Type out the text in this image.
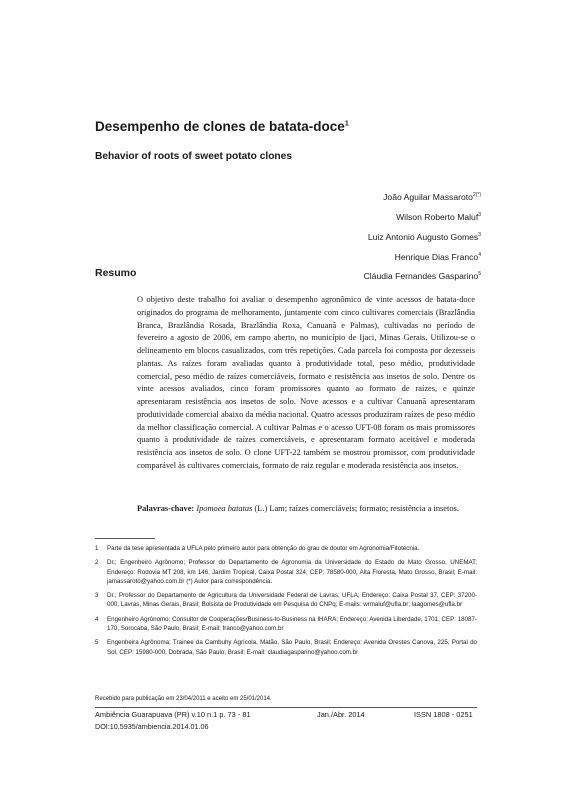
Desempenho de clones de batata-doce$^1$
Behavior of roots of sweet potato clones
João Aguilar Massaroto$^{2(*)}$
Wilson Roberto Maluf$^3$
Luiz Antonio Augusto Gomes$^3$
Henrique Dias Franco$^4$
Cláudia Fernandes Gasparino$^5$
Resumo
O objetivo deste trabalho foi avaliar o desempenho agronômico de vinte acessos de batata-doce originados do programa de melhoramento, juntamente com cinco cultivares comerciais (Brazlândia Branca, Brazlândia Rosada, Brazlândia Roxa, Canuanã e Palmas), cultivadas no período de fevereiro a agosto de 2006, em campo aberto, no município de Ijaci, Minas Gerais. Utilizou-se o delineamento em blocos casualizados, com três repetições. Cada parcela foi composta por dezesseis plantas. As raízes foram avaliadas quanto à produtividade total, peso médio, produtividade comercial, peso médio de raízes comerciáveis, formato e resistência aos insetos de solo. Dentre os vinte acessos avaliados, cinco foram promissores quanto ao formato de raízes, e quinze apresentaram resistência aos insetos de solo. Nove acessos e a cultivar Canuanã apresentaram produtividade comercial abaixo da média nacional. Quatro acessos produziram raízes de peso médio da melhor classificação comercial. A cultivar Palmas e o acesso UFT-08 foram os mais promissores quanto à produtividade de raízes comerciáveis, e apresentaram formato aceitável e moderada resistência aos insetos de solo. O clone UFT-22 também se mostrou promissor, com produtividade comparável às cultivares comerciais, formato de raiz regular e moderada resistência aos insetos.
Palavras-chave: Ipomoea batatas (L.) Lam; raízes comerciáveis; formato; resistência a insetos.
1	Parte da tese apresentada à UFLA pelo primeiro autor para obtenção do grau de doutor em Agronomia/Fitotecnia.
2	Dr.; Engenheiro Agrônomo; Professor do Departamento de Agronomia da Universidade do Estado de Mato Grosso, UNEMAT; Endereço: Rodovia MT 208, km 146, Jardim Tropical, Caixa Postal 324, CEP: 78580-000, Alta Floresta, Mato Grosso, Brasil; E-mail: jamassaroto@yahoo.com.br (*) Autor para correspondência.
3	Dr.; Professor do Departamento de Agricultura da Universidade Federal de Lavras, UFLA; Endereço: Caixa Postal 37, CEP: 37200-000, Lavras, Minas Gerais, Brasil; Bolsista de Produtividade em Pesquisa do CNPq; E-mails: wrmaluf@ufla.br; laagomes@ufla.br
4	Engenheiro Agrônomo; Consultor de Cooperações/Business-to-Business na IHARA; Endereço: Avenida Liberdade, 1701, CEP: 18087-170, Sorocaba, São Paulo, Brasil; E-mail: franco@yahoo.com.br
5	Engenheira Agrônoma; Trainee da Cambuhy Agrícola, Matão, São Paulo, Brasil; Endereço: Avenida Orestes Canova, 225, Portal do Sol, CEP: 15980-000, Dobrada, São Paulo, Brasil; E-mail: claudiagasparino@yahoo.com.br
Recebido para publicação em 23/04/2011 e aceito em 25/01/2014.
Ambiência Guarapuava (PR) v.10 n.1 p. 73 - 81	Jan./Abr. 2014	ISSN 1808 - 0251
DOI:10.5935/ambiencia.2014.01.06
